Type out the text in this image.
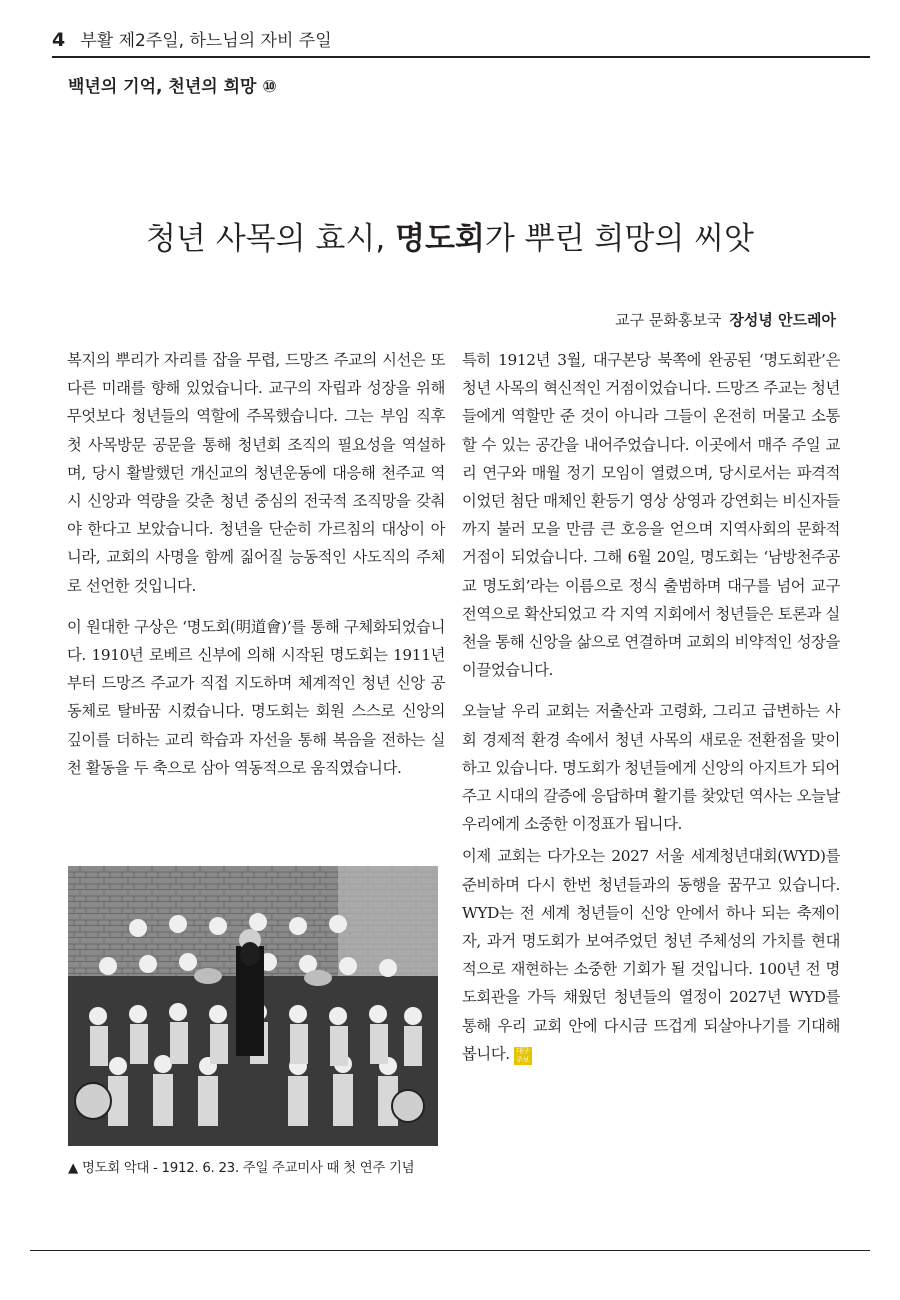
4 부활 제2주일, 하느님의 자비 주일
백년의 기억, 천년의 희망 ⑩
청년 사목의 효시, 명도회가 뿌린 희망의 씨앗
교구 문화홍보국 장성녕 안드레아

복지의 뿌리가 자리를 잡을 무렵, 드망즈 주교의 시선은 또 다른 미래를 향해 있었습니다. 교구의 자립과 성장을 위해 무엇보다 청년들의 역할에 주목했습니다. 그는 부임 직후 첫 사목방문 공문을 통해 청년회 조직의 필요성을 역설하며, 당시 활발했던 개신교의 청년운동에 대응해 천주교 역시 신앙과 역량을 갖춘 청년 중심의 전국적 조직망을 갖춰야 한다고 보았습니다. 청년을 단순히 가르침의 대상이 아니라, 교회의 사명을 함께 짊어질 능동적인 사도직의 주체로 선언한 것입니다.

이 원대한 구상은 ‘명도회(明道會)’를 통해 구체화되었습니다. 1910년 로베르 신부에 의해 시작된 명도회는 1911년부터 드망즈 주교가 직접 지도하며 체계적인 청년 신앙 공동체로 탈바꿈 시켰습니다. 명도회는 회원 스스로 신앙의 깊이를 더하는 교리 학습과 자선을 통해 복음을 전하는 실천 활동을 두 축으로 삼아 역동적으로 움직였습니다.

▲ 명도회 악대 - 1912. 6. 23. 주일 주교미사 때 첫 연주 기념

특히 1912년 3월, 대구본당 북쪽에 완공된 ‘명도회관’은 청년 사목의 혁신적인 거점이었습니다. 드망즈 주교는 청년들에게 역할만 준 것이 아니라 그들이 온전히 머물고 소통할 수 있는 공간을 내어주었습니다. 이곳에서 매주 주일 교리 연구와 매월 정기 모임이 열렸으며, 당시로서는 파격적이었던 첨단 매체인 환등기 영상 상영과 강연회는 비신자들까지 불러 모을 만큼 큰 호응을 얻으며 지역사회의 문화적 거점이 되었습니다. 그해 6월 20일, 명도회는 ‘남방천주공교 명도회’라는 이름으로 정식 출범하며 대구를 넘어 교구 전역으로 확산되었고 각 지역 지회에서 청년들은 토론과 실천을 통해 신앙을 삶으로 연결하며 교회의 비약적인 성장을 이끌었습니다.

오늘날 우리 교회는 저출산과 고령화, 그리고 급변하는 사회 경제적 환경 속에서 청년 사목의 새로운 전환점을 맞이하고 있습니다. 명도회가 청년들에게 신앙의 아지트가 되어주고 시대의 갈증에 응답하며 활기를 찾았던 역사는 오늘날 우리에게 소중한 이정표가 됩니다.

이제 교회는 다가오는 2027 서울 세계청년대회(WYD)를 준비하며 다시 한번 청년들과의 동행을 꿈꾸고 있습니다. WYD는 전 세계 청년들이 신앙 안에서 하나 되는 축제이자, 과거 명도회가 보여주었던 청년 주체성의 가치를 현대적으로 재현하는 소중한 기회가 될 것입니다. 100년 전 명도회관을 가득 채웠던 청년들의 열정이 2027년 WYD를 통해 우리 교회 안에 다시금 뜨겁게 되살아나기를 기대해 봅니다. 대구 주보
